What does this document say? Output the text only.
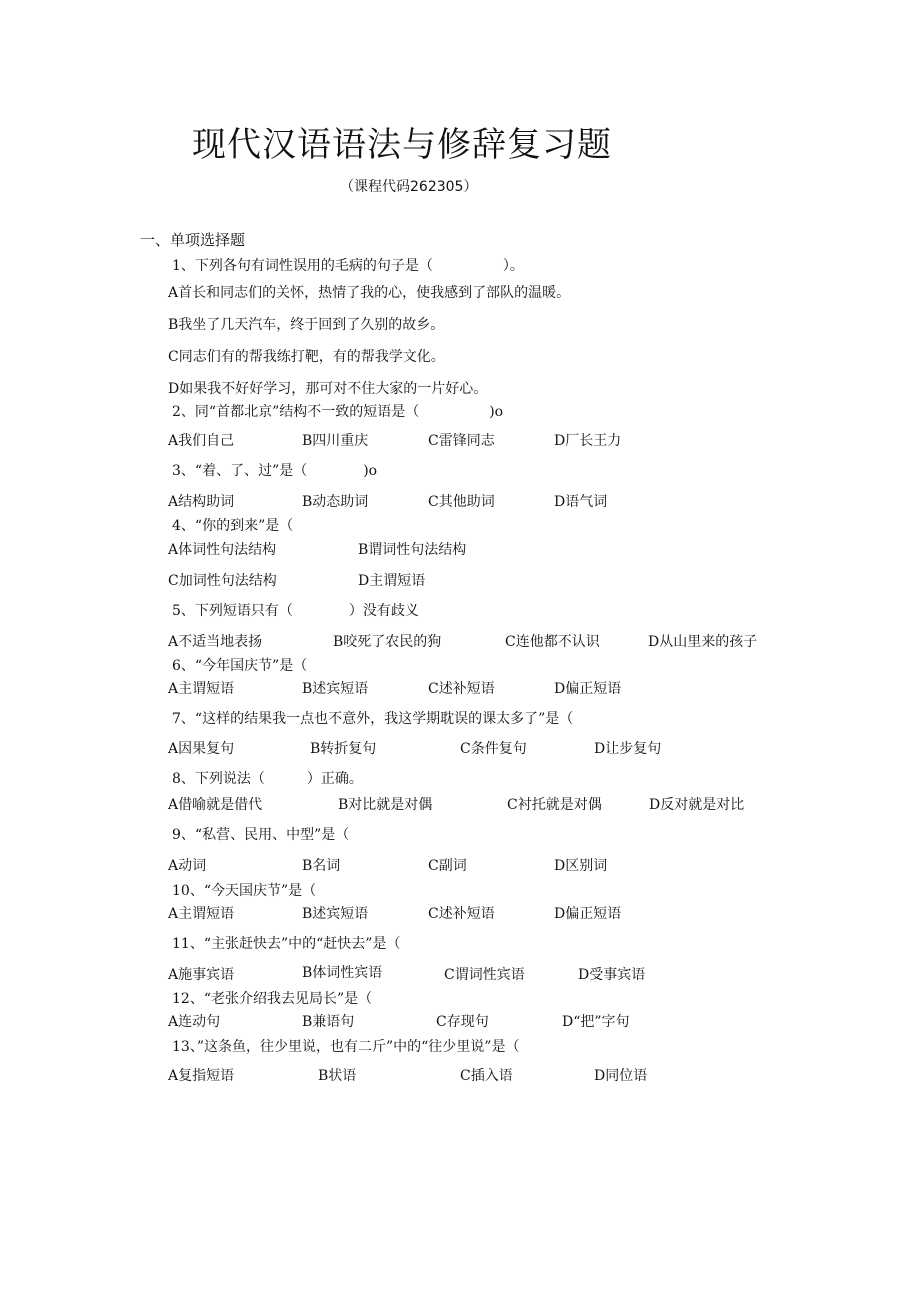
现代汉语语法与修辞复习题
（课程代码262305）
一、单项选择题
1、下列各句有词性误用的毛病的句子是（　　　　　）。
A首长和同志们的关怀，热情了我的心，使我感到了部队的温暖。
B我坐了几天汽车，终于回到了久别的故乡。
C同志们有的帮我练打靶，有的帮我学文化。
D如果我不好好学习，那可对不住大家的一片好心。
2、同“首都北京”结构不一致的短语是（　　　　　)o
A我们自己	B四川重庆	C雷锋同志	D厂长王力
3、“着、了、过”是（　　　　)o
A结构助词	B动态助词	C其他助词	D语气词
4、“你的到来”是（
A体词性句法结构	B谓词性句法结构
C加词性句法结构	D主谓短语
5、下列短语只有（　　　　）没有歧义
A不适当地表扬	B咬死了农民的狗	C连他都不认识	D从山里来的孩子
6、“今年国庆节”是（
A主谓短语	B述宾短语	C述补短语	D偏正短语
7、“这样的结果我一点也不意外，我这学期耽误的课太多了”是（
A因果复句	B转折复句	C条件复句	D让步复句
8、下列说法（　　　）正确。
A借喻就是借代	B对比就是对偶	C衬托就是对偶	D反对就是对比
9、“私营、民用、中型”是（
A动词	B名词	C副词	D区别词
10、“今天国庆节”是（
A主谓短语	B述宾短语	C述补短语	D偏正短语
11、“主张赶快去”中的“赶快去”是（
A施事宾语	B体词性宾语	C谓词性宾语	D受事宾语
12、“老张介绍我去见局长”是（
A连动句	B兼语句	C存现句	D“把”字句
13、”这条鱼，往少里说，也有二斤”中的“往少里说”是（
A复指短语	B状语	C插入语	D同位语
